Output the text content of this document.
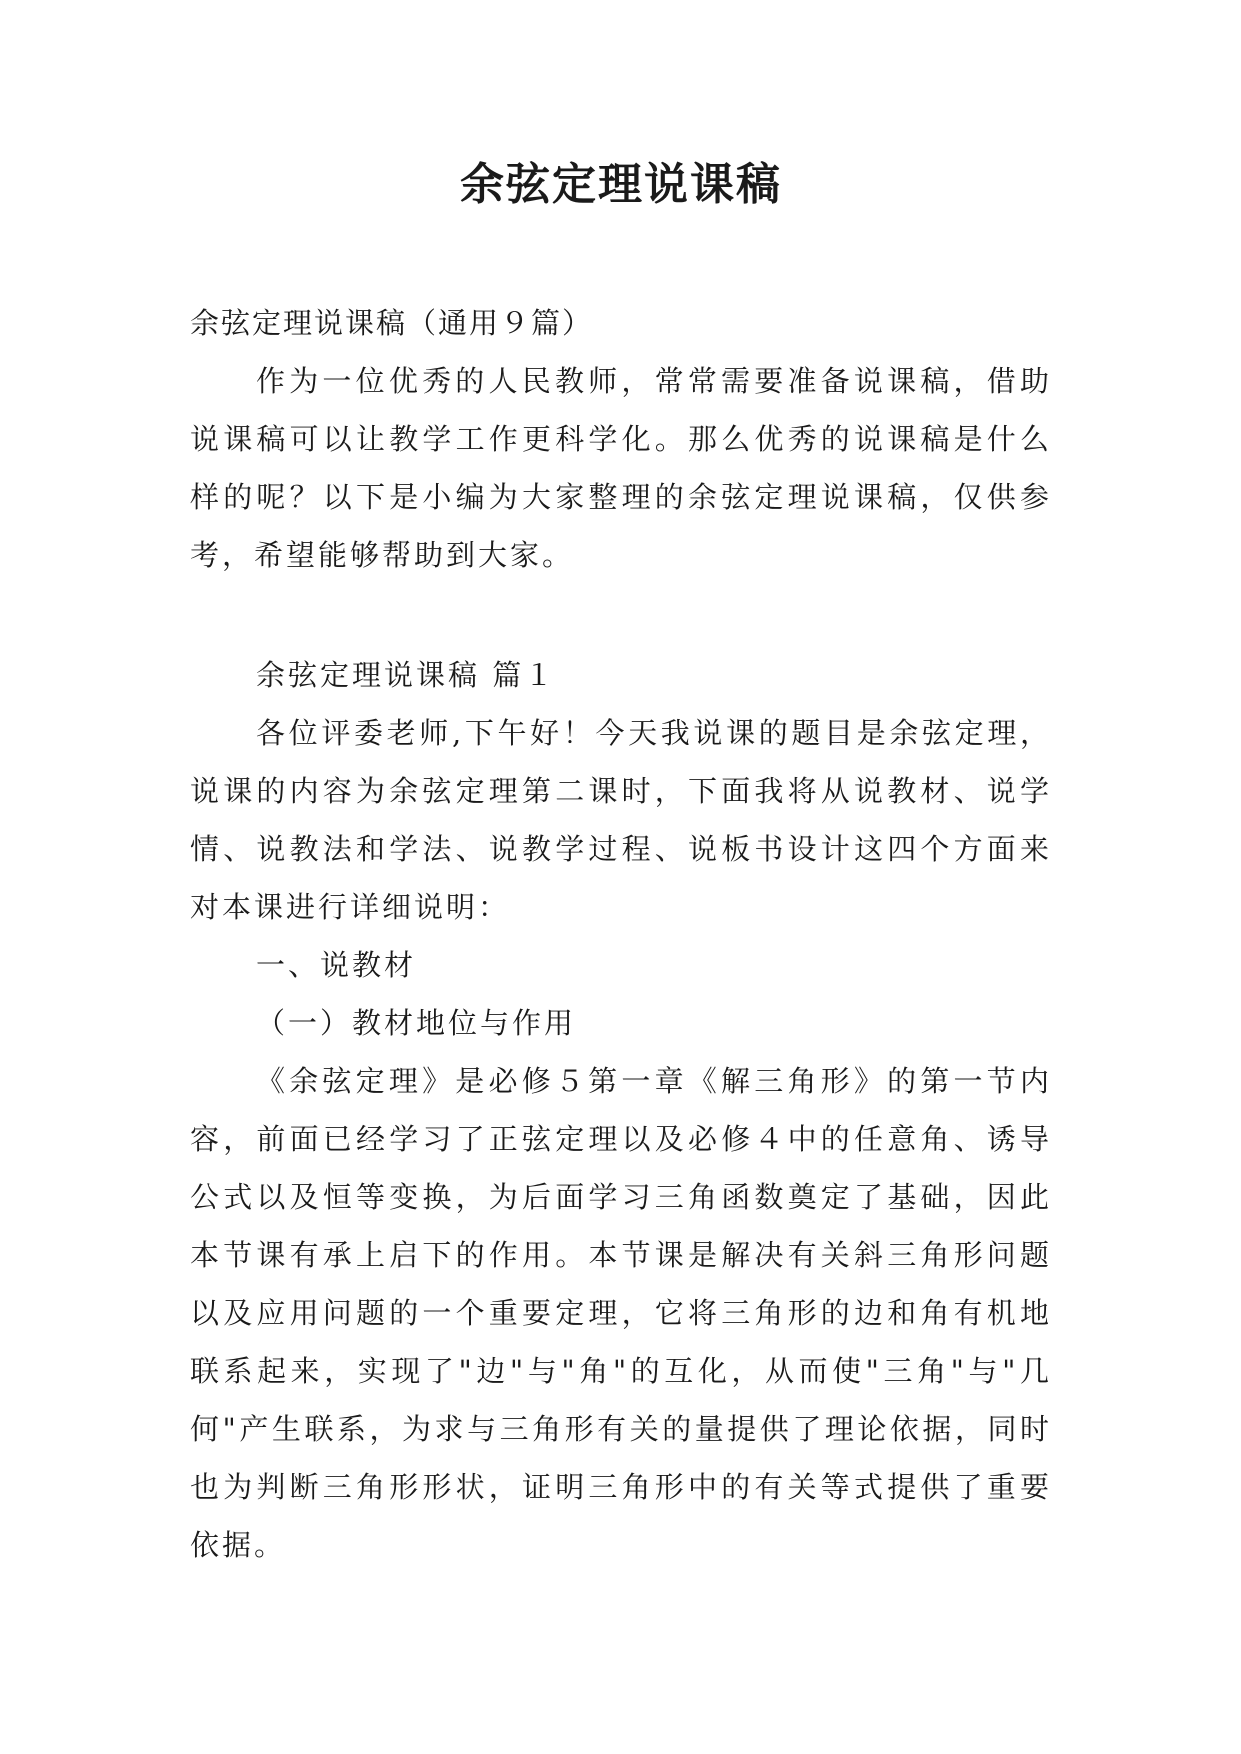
余弦定理说课稿
余弦定理说课稿（通用９篇）

作为一位优秀的人民教师，常常需要准备说课稿，借助说课稿可以让教学工作更科学化。那么优秀的说课稿是什么样的呢？以下是小编为大家整理的余弦定理说课稿，仅供参考，希望能够帮助到大家。

余弦定理说课稿 篇１

各位评委老师,下午好！今天我说课的题目是余弦定理，说课的内容为余弦定理第二课时，下面我将从说教材、说学情、说教法和学法、说教学过程、说板书设计这四个方面来对本课进行详细说明：

一、说教材

（一）教材地位与作用

《余弦定理》是必修５第一章《解三角形》的第一节内容，前面已经学习了正弦定理以及必修４中的任意角、诱导公式以及恒等变换，为后面学习三角函数奠定了基础，因此本节课有承上启下的作用。本节课是解决有关斜三角形问题以及应用问题的一个重要定理，它将三角形的边和角有机地联系起来，实现了"边"与"角"的互化，从而使"三角"与"几何"产生联系，为求与三角形有关的量提供了理论依据，同时也为判断三角形形状，证明三角形中的有关等式提供了重要依据。
